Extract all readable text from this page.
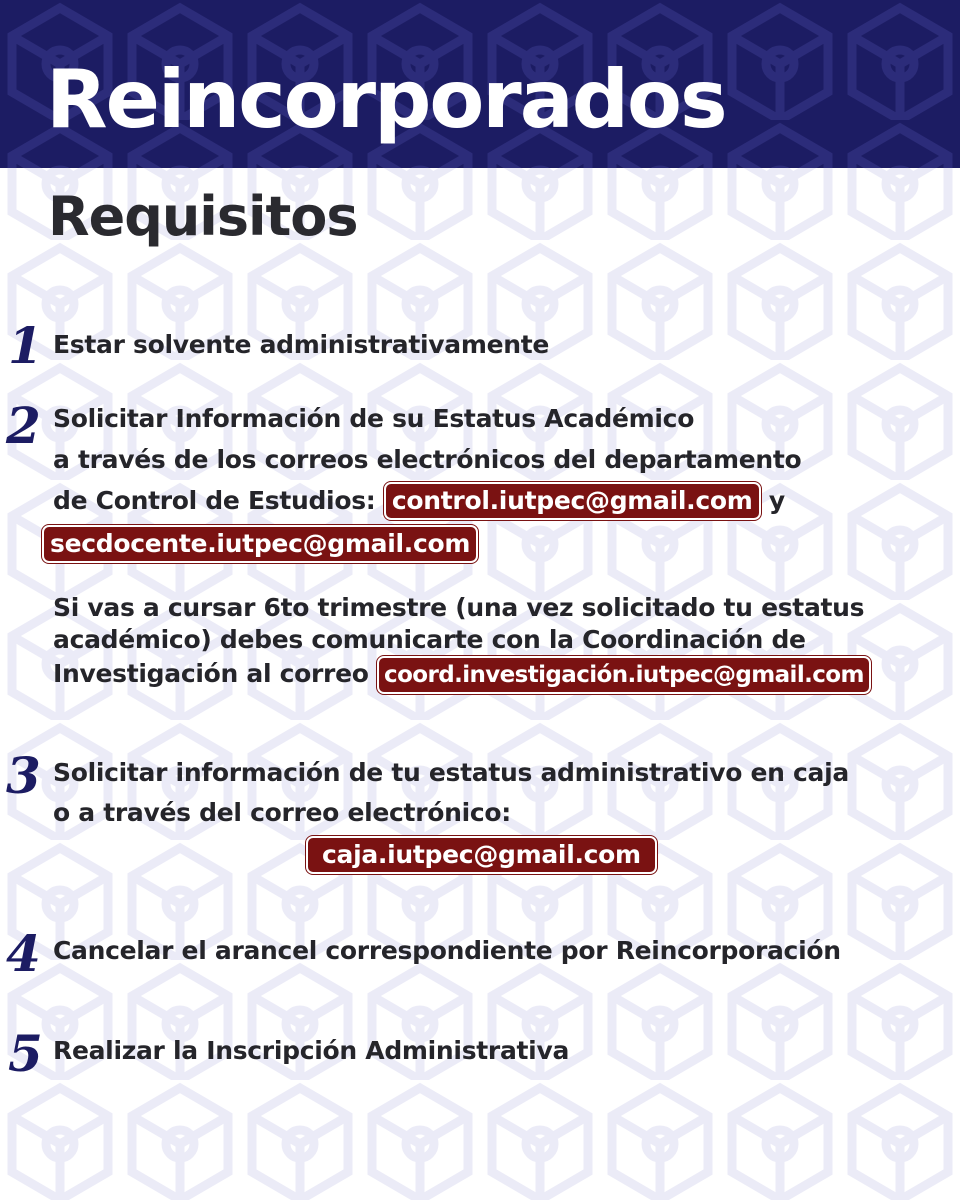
Reincorporados
Requisitos
1 Estar solvente administrativamente
2 Solicitar Información de su Estatus Académico
a través de los correos electrónicos del departamento
de Control de Estudios: control.iutpec@gmail.com y
secdocente.iutpec@gmail.com
Si vas a cursar 6to trimestre (una vez solicitado tu estatus
académico) debes comunicarte con la Coordinación de
Investigación al correo coord.investigación.iutpec@gmail.com
3 Solicitar información de tu estatus administrativo en caja
o a través del correo electrónico:
caja.iutpec@gmail.com
4 Cancelar el arancel correspondiente por Reincorporación
5 Realizar la Inscripción Administrativa
